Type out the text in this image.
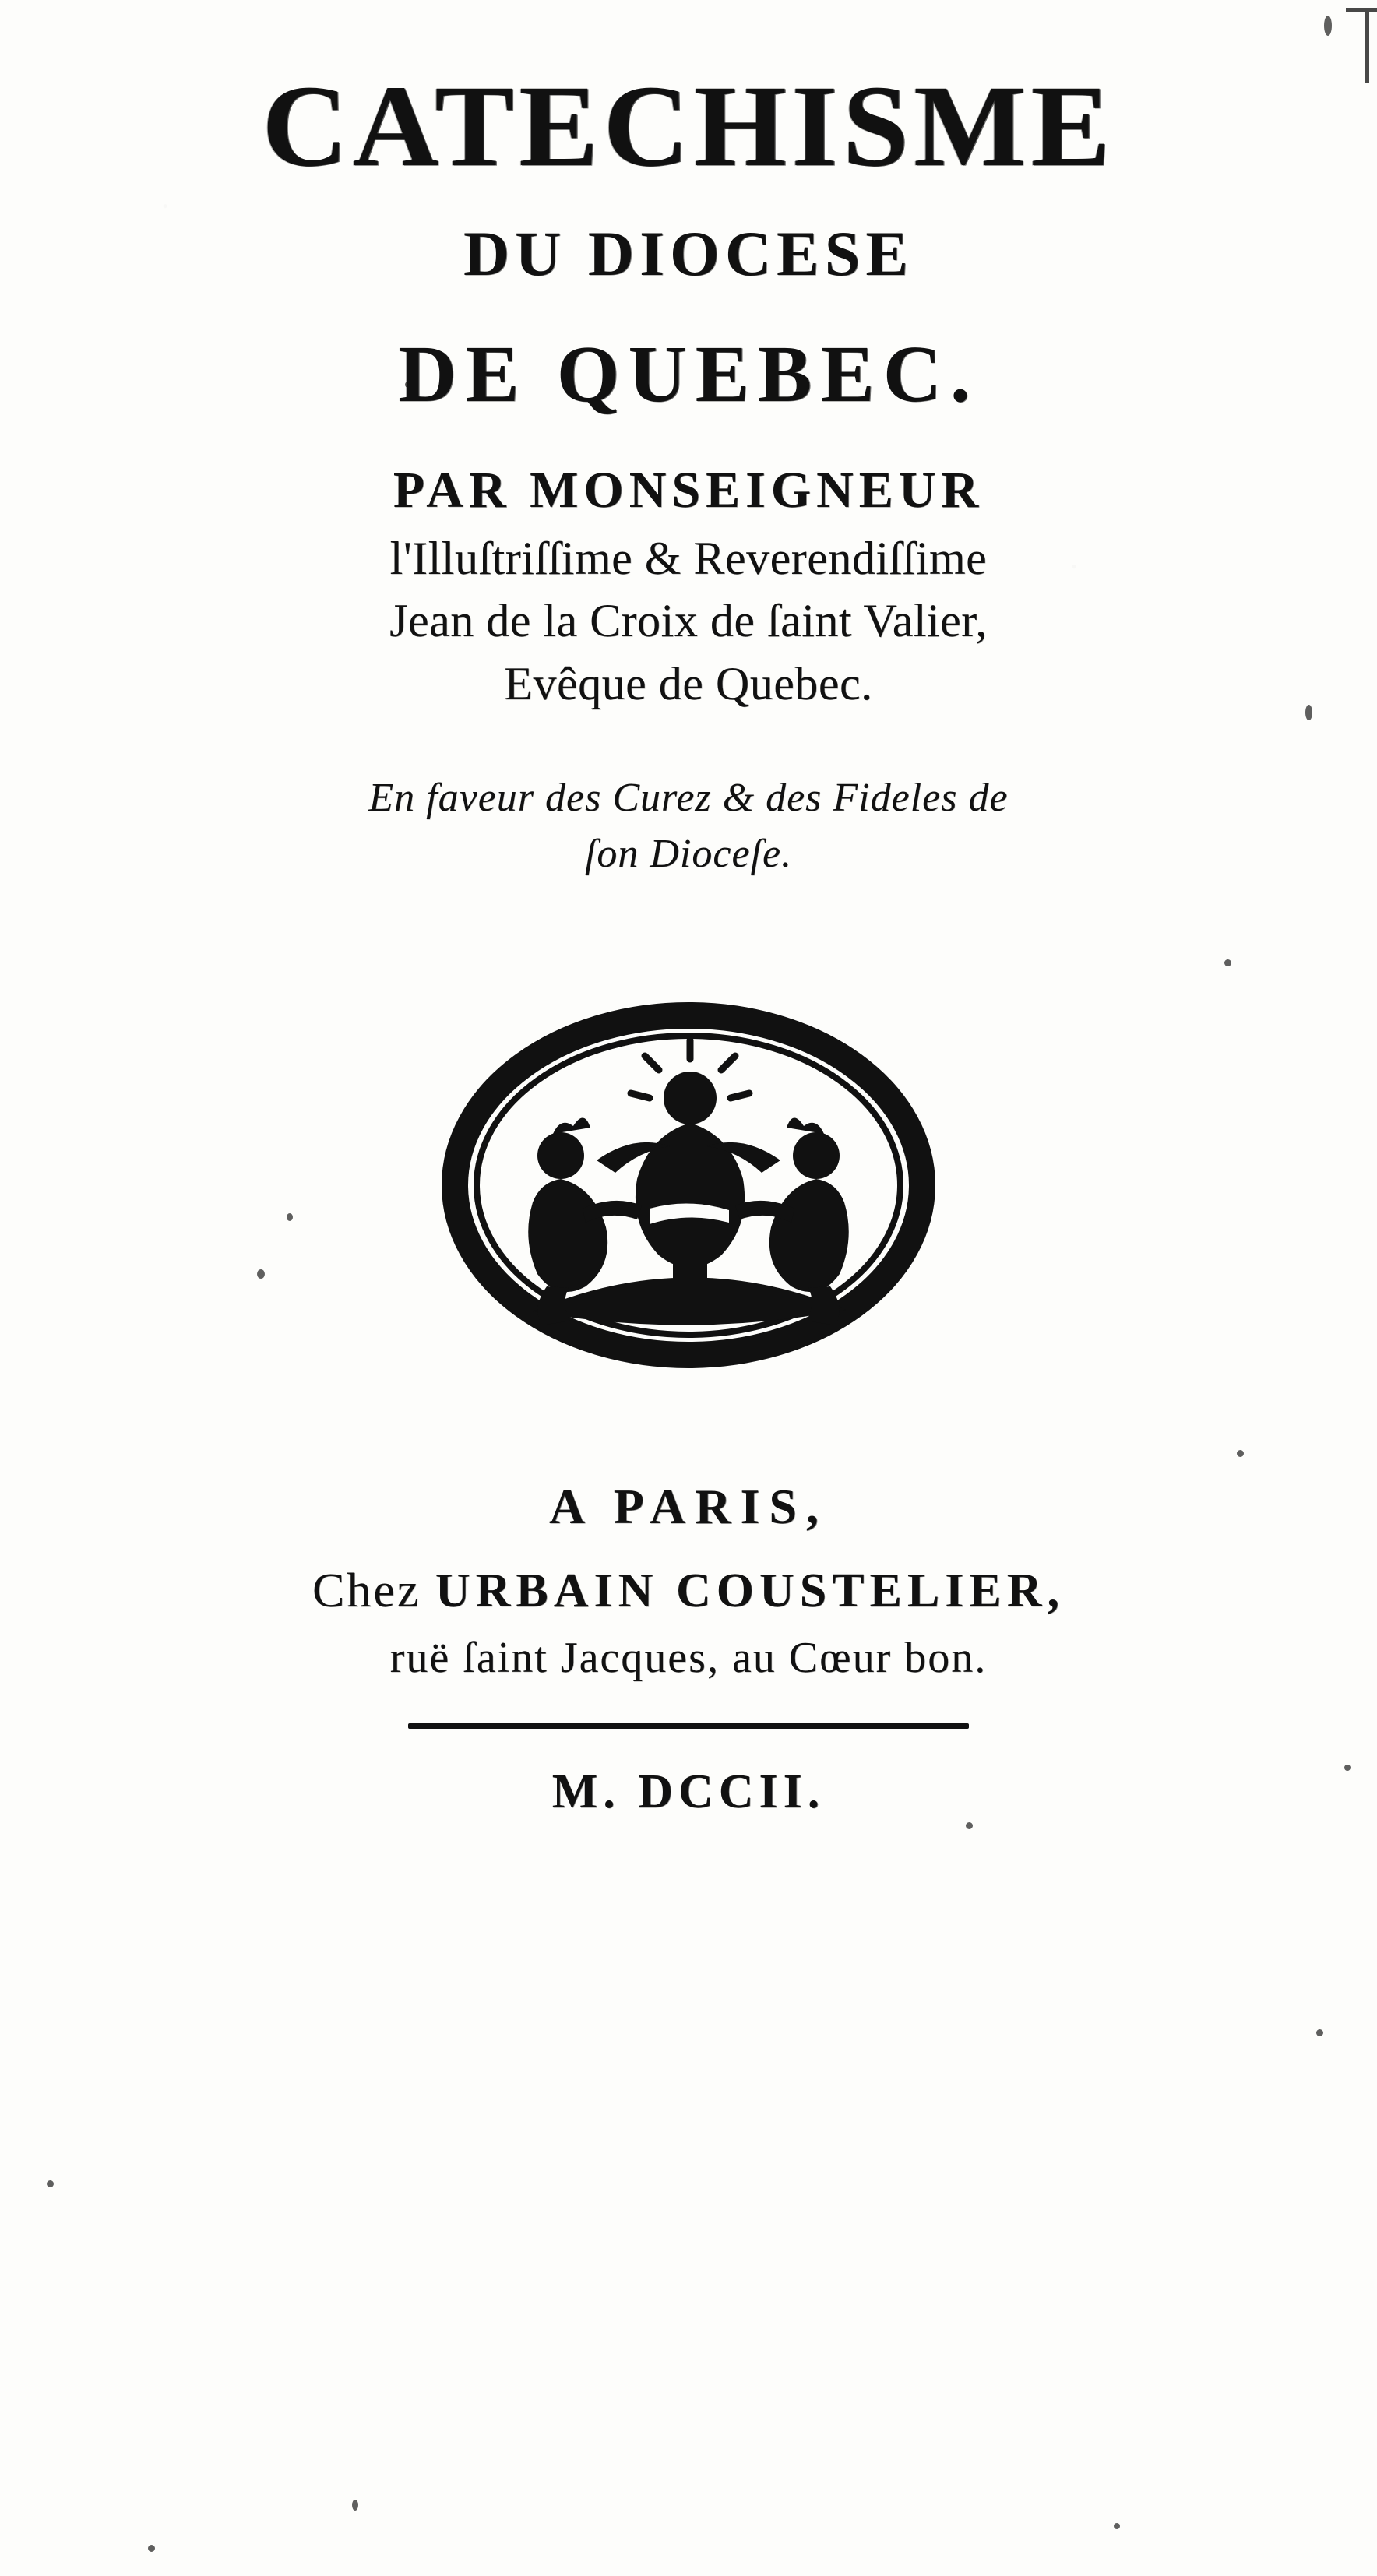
CATECHISME
DU DIOCESE
DE QUEBEC.
PAR MONSEIGNEUR
l'Illuſtriſſime & Reverendiſſime
Jean de la Croix de ſaint Valier,
Evêque de Quebec.
En faveur des Curez & des Fideles de
ſon Dioceſe.
A PARIS,
Chez URBAIN COUSTELIER,
ruë ſaint Jacques, au Cœur bon.
M. DCCII.
